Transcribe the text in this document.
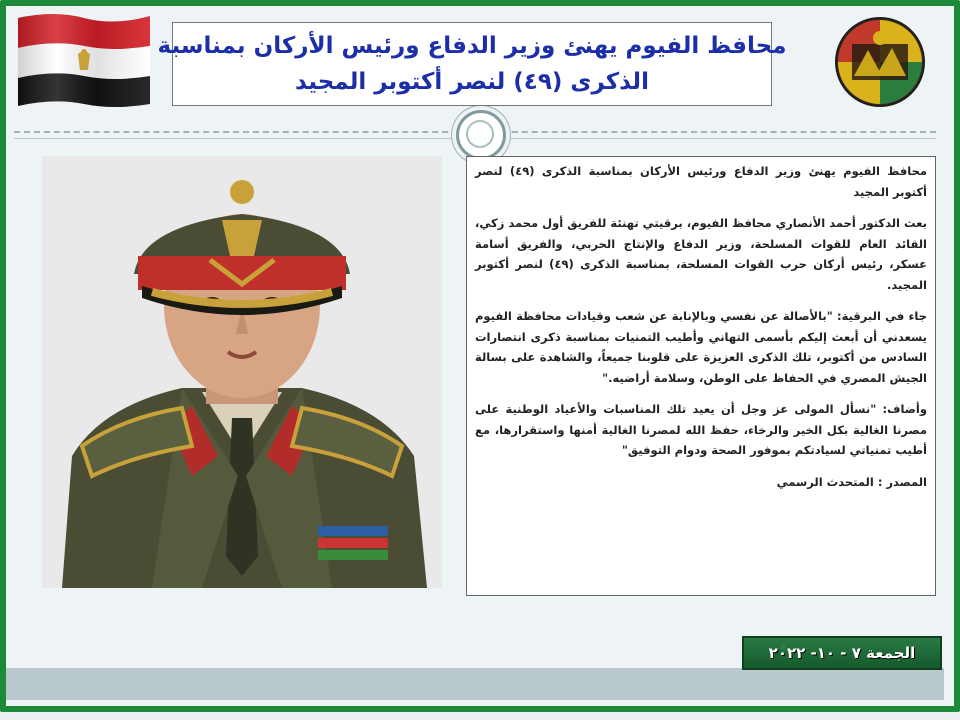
محافظ الفيوم يهنئ وزير الدفاع ورئيس الأركان بمناسبة
الذكرى (٤٩) لنصر أكتوبر المجيد

محافظ الفيوم يهنئ وزير الدفاع ورئيس الأركان بمناسبة الذكرى (٤٩) لنصر أكتوبر المجيد

بعث الدكتور أحمد الأنصاري محافظ الفيوم، برقيتي تهنئة للفريق أول محمد زكي، القائد العام للقوات المسلحة، وزير الدفاع والإنتاج الحربي، والفريق أسامة عسكر، رئيس أركان حرب القوات المسلحة، بمناسبة الذكرى (٤٩) لنصر أكتوبر المجيد.

جاء في البرقية: "بالأصالة عن نفسي وبالإنابة عن شعب وقيادات محافظة الفيوم يسعدني أن أبعث إليكم بأسمى التهاني وأطيب التمنيات بمناسبة ذكرى انتصارات السادس من أكتوبر، تلك الذكرى العزيزة على قلوبنا جميعاً، والشاهدة على بسالة الجيش المصري في الحفاظ على الوطن، وسلامة أراضيه."

وأضاف: "نسأل المولى عز وجل أن يعيد تلك المناسبات والأعياد الوطنية على مصرنا الغالية بكل الخير والرخاء، حفظ الله لمصرنا الغالية أمنها واستقرارها، مع أطيب تمنياتي لسيادتكم بموفور الصحة ودوام التوفيق"

المصدر : المتحدث الرسمي

الجمعة ٧ - ١٠- ٢٠٢٢
